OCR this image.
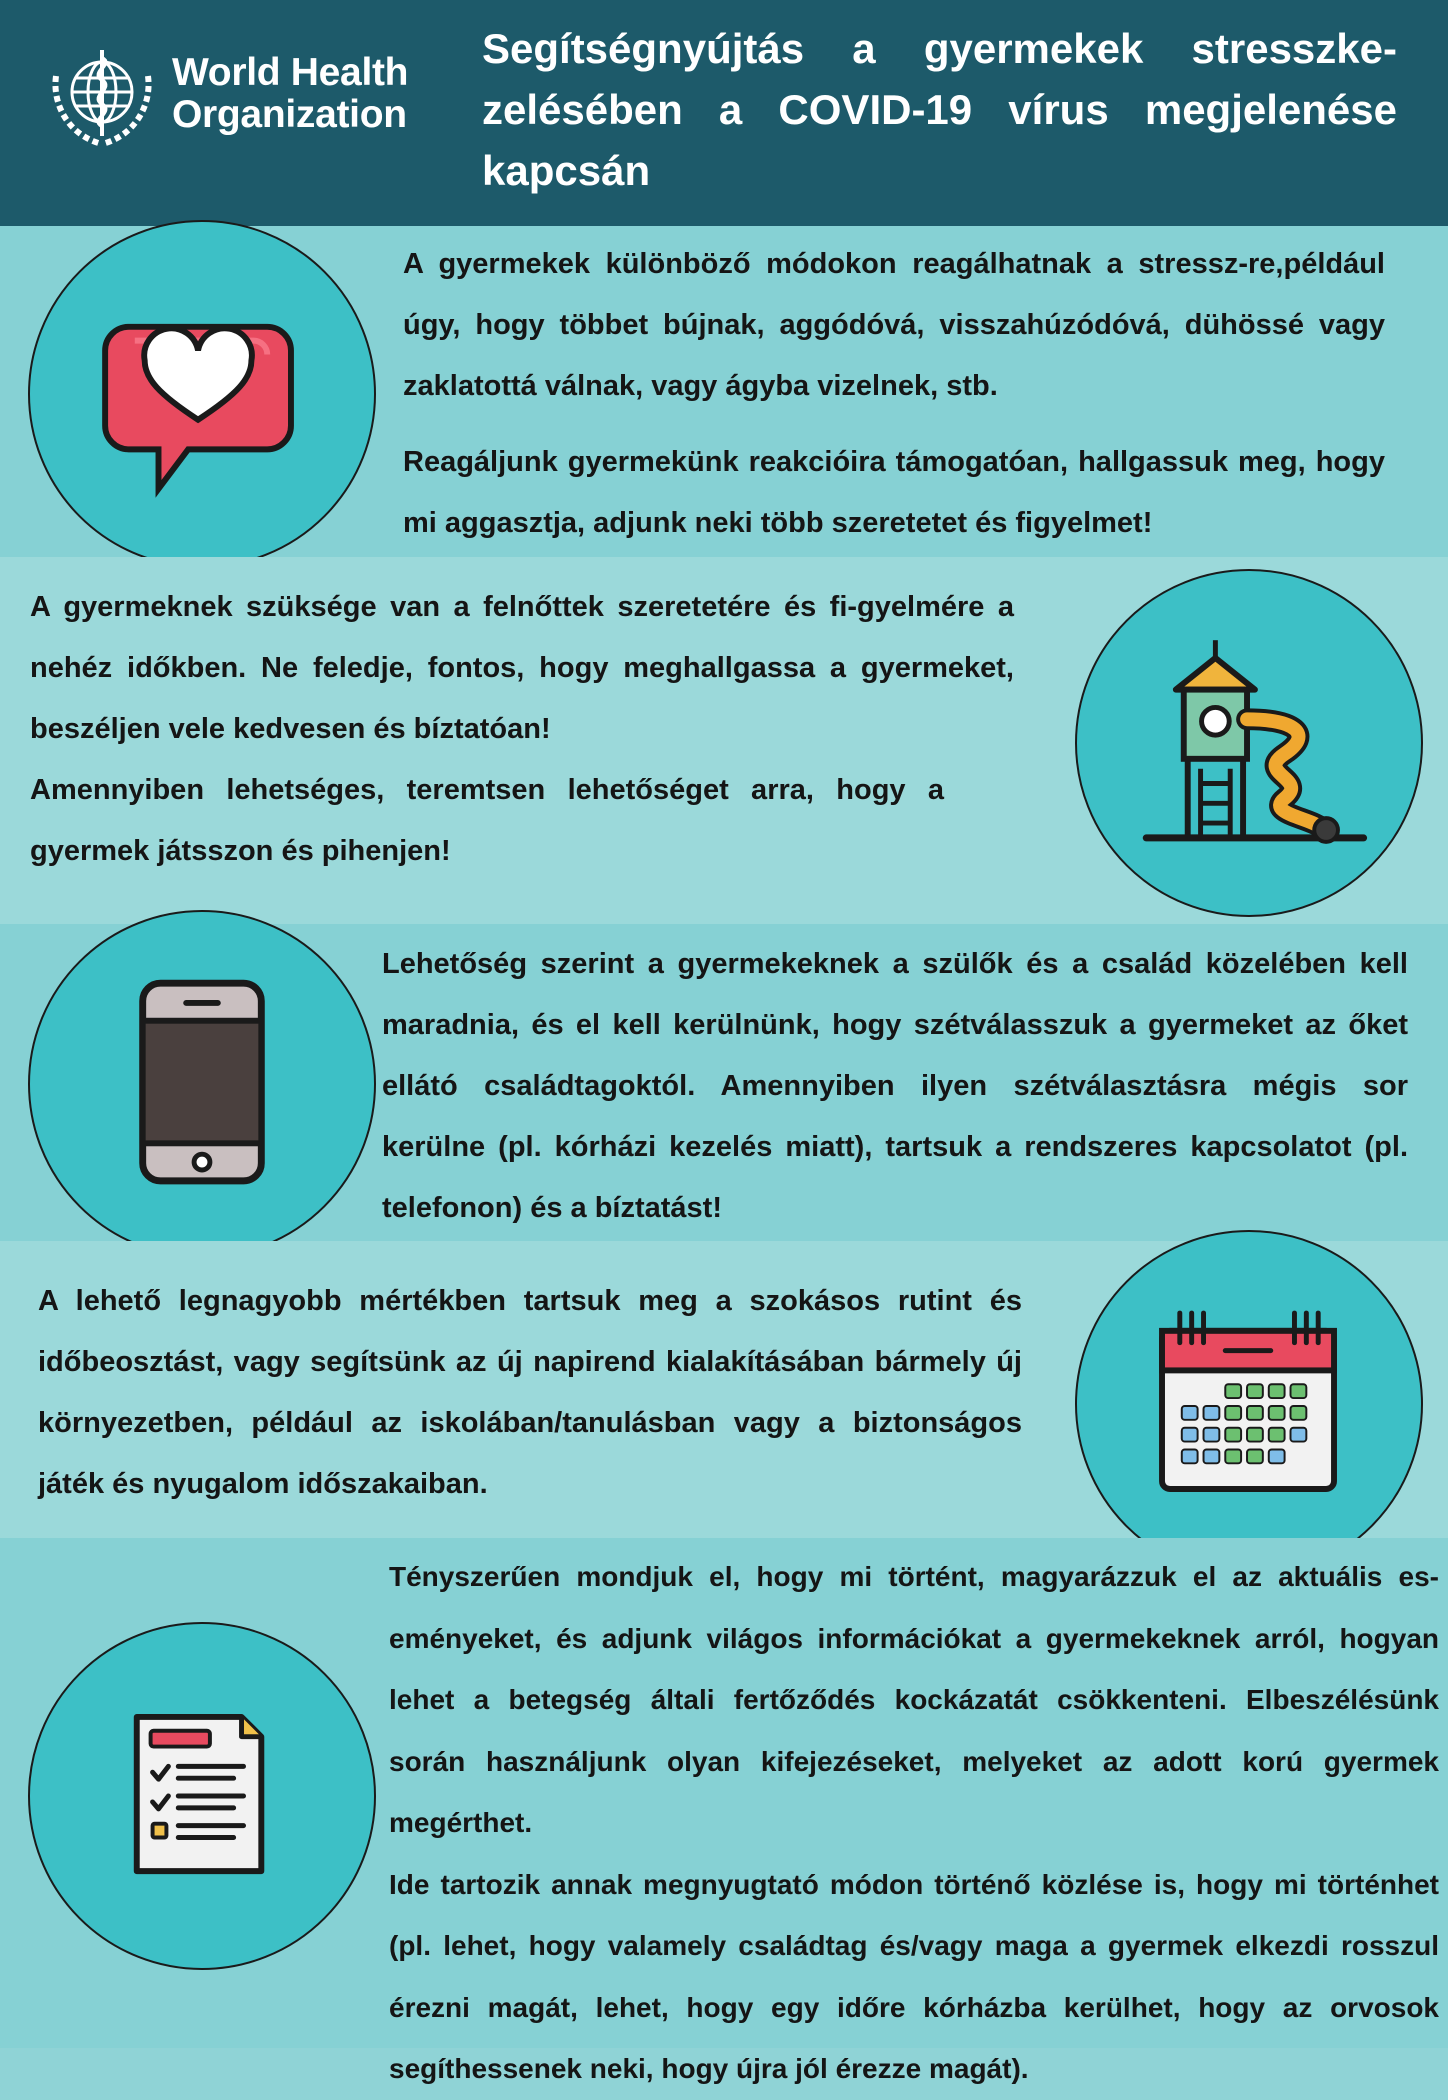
World Health
Organization
Segítségnyújtás a gyermekek stresszke-zelésében a COVID-19 vírus megjelenése kapcsán

A gyermekek különböző módokon reagálhatnak a stressz-re,például úgy, hogy többet bújnak, aggódóvá, visszahúzódóvá, dühössé vagy zaklatottá válnak, vagy ágyba vizelnek, stb.

Reagáljunk gyermekünk reakcióira támogatóan, hallgassuk meg, hogy mi aggasztja, adjunk neki több szeretetet és figyelmet!

A gyermeknek szüksége van a felnőttek szeretetére és fi-gyelmére a nehéz időkben. Ne feledje, fontos, hogy meghallgassa a gyermeket, beszéljen vele kedvesen és bíztatóan!

Amennyiben lehetséges, teremtsen lehetőséget arra, hogy a gyermek játsszon és pihenjen!

Lehetőség szerint a gyermekeknek a szülők és a család közelében kell maradnia, és el kell kerülnünk, hogy szétválasszuk a gyermeket az őket ellátó családtagoktól. Amennyiben ilyen szétválasztásra mégis sor kerülne (pl. kórházi kezelés miatt), tartsuk a rendszeres kapcsolatot (pl. telefonon) és a bíztatást!

A lehető legnagyobb mértékben tartsuk meg a szokásos rutint és időbeosztást, vagy segítsünk az új napirend kialakításában bármely új környezetben, például az iskolában/tanulásban vagy a biztonságos játék és nyugalom időszakaiban.

Tényszerűen mondjuk el, hogy mi történt, magyarázzuk el az aktuális es-eményeket, és adjunk világos információkat a gyermekeknek arról, hogyan lehet a betegség általi fertőződés kockázatát csökkenteni. Elbeszélésünk során használjunk olyan kifejezéseket, melyeket az adott korú gyermek megérthet.

Ide tartozik annak megnyugtató módon történő közlése is, hogy mi történhet (pl. lehet, hogy valamely családtag és/vagy maga a gyermek elkezdi rosszul érezni magát, lehet, hogy egy időre kórházba kerülhet, hogy az orvosok segíthessenek neki, hogy újra jól érezze magát).
